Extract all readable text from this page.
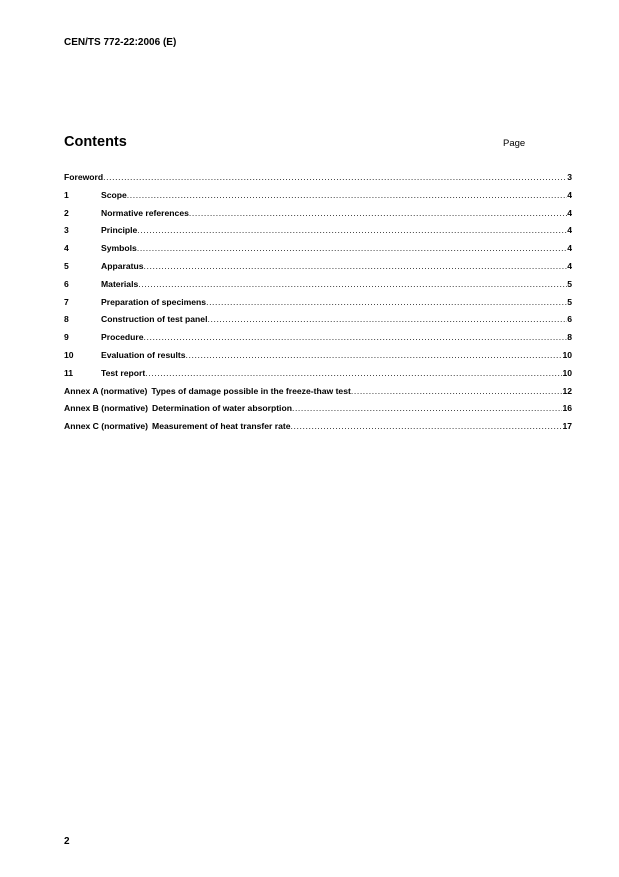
CEN/TS 772-22:2006 (E)
Contents	Page
Foreword .....	3
1	Scope .....	4
2	Normative references .....	4
3	Principle .....	4
4	Symbols .....	4
5	Apparatus .....	4
6	Materials .....	5
7	Preparation of specimens .....	5
8	Construction of test panel .....	6
9	Procedure .....	8
10	Evaluation of results .....	10
11	Test report .....	10
Annex A (normative) Types of damage possible in the freeze-thaw test .....	12
Annex B (normative) Determination of water absorption .....	16
Annex C (normative) Measurement of heat transfer rate .....	17
2
